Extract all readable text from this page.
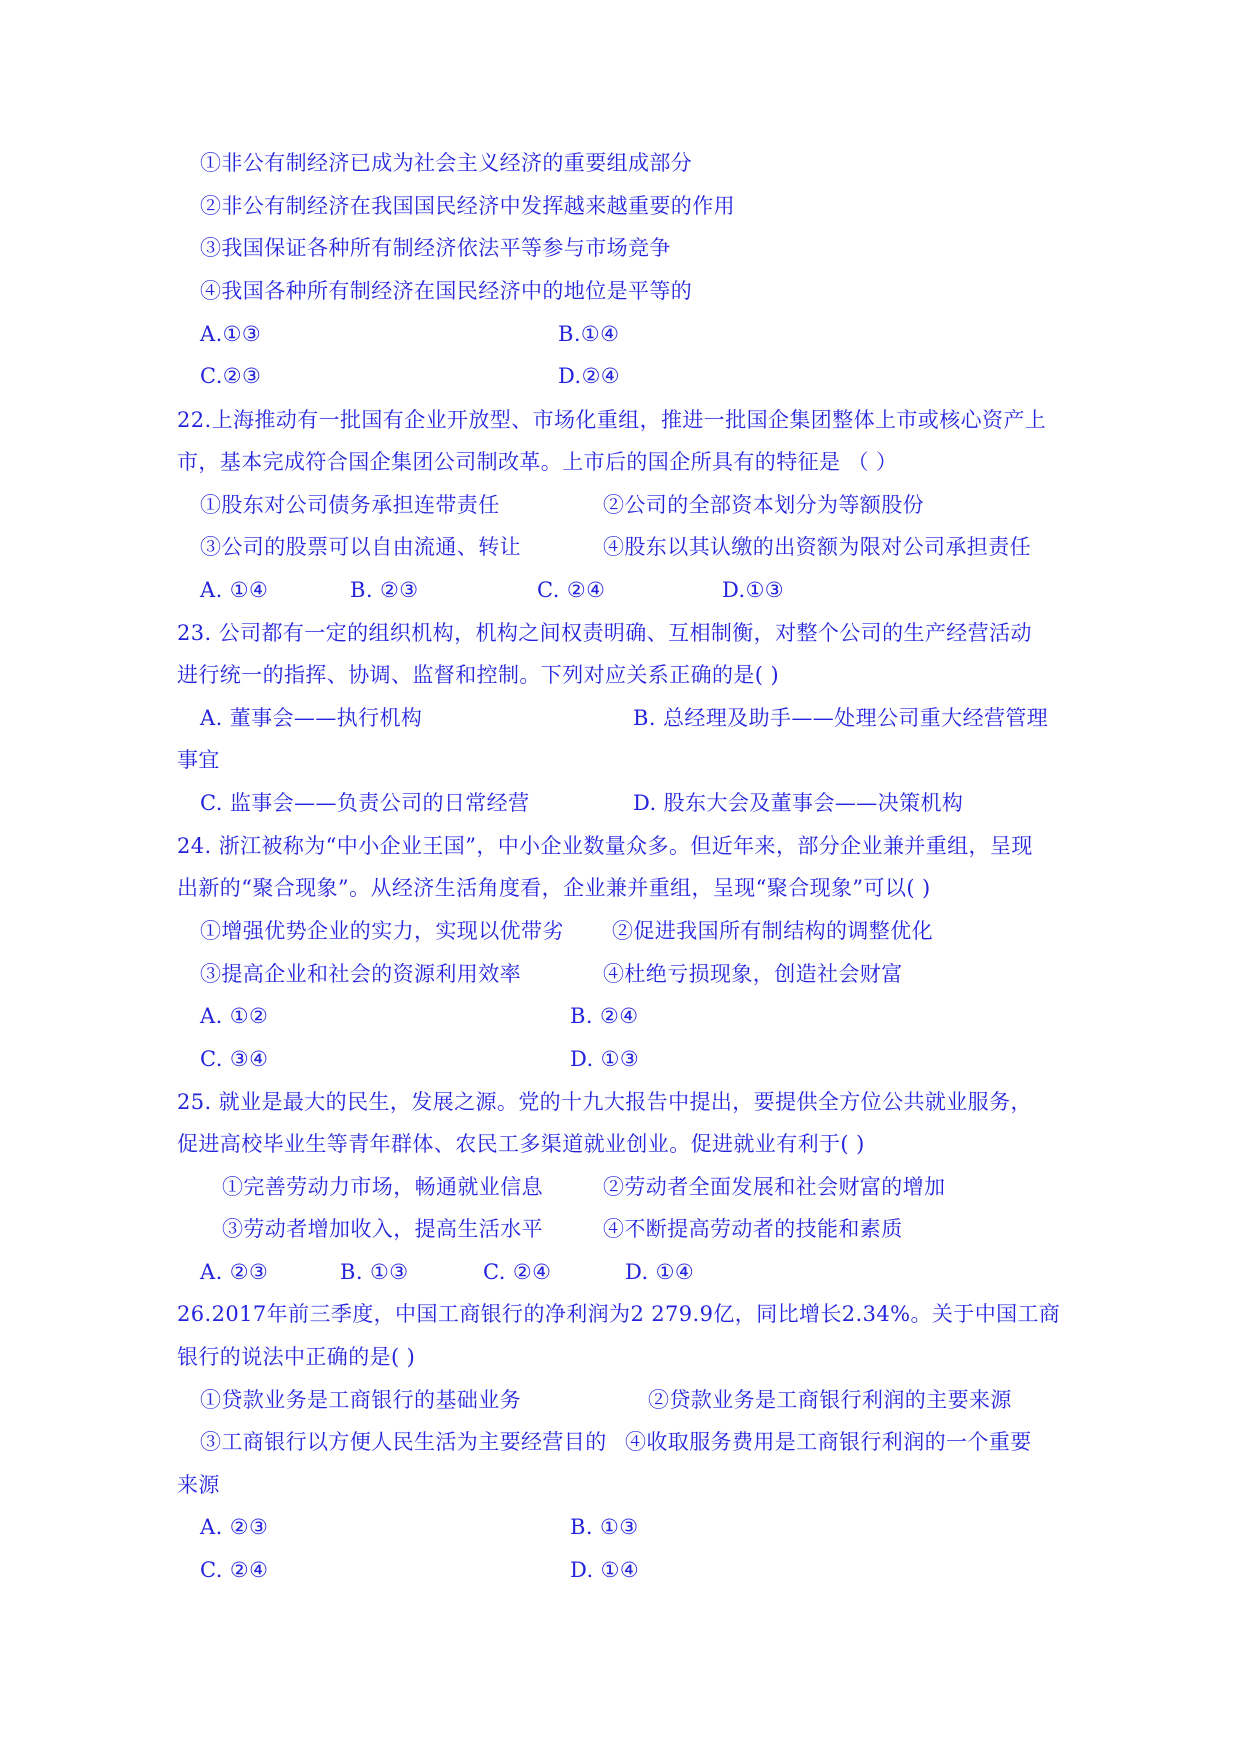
①非公有制经济已成为社会主义经济的重要组成部分
②非公有制经济在我国国民经济中发挥越来越重要的作用
③我国保证各种所有制经济依法平等参与市场竞争
④我国各种所有制经济在国民经济中的地位是平等的
A.①③	B.①④
C.②③	D.②④
22.上海推动有一批国有企业开放型、市场化重组，推进一批国企集团整体上市或核心资产上
市，基本完成符合国企集团公司制改革。上市后的国企所具有的特征是 （ ）
①股东对公司债务承担连带责任	②公司的全部资本划分为等额股份
③公司的股票可以自由流通、转让	④股东以其认缴的出资额为限对公司承担责任
A. ①④	B. ②③	C. ②④	D.①③
23. 公司都有一定的组织机构，机构之间权责明确、互相制衡，对整个公司的生产经营活动
进行统一的指挥、协调、监督和控制。下列对应关系正确的是( )
A. 董事会——执行机构	B. 总经理及助手——处理公司重大经营管理
事宜
C. 监事会——负责公司的日常经营	D. 股东大会及董事会——决策机构
24. 浙江被称为“中小企业王国”，中小企业数量众多。但近年来，部分企业兼并重组，呈现
出新的“聚合现象”。从经济生活角度看，企业兼并重组，呈现“聚合现象”可以( )
①增强优势企业的实力，实现以优带劣 ②促进我国所有制结构的调整优化
③提高企业和社会的资源利用效率	④杜绝亏损现象，创造社会财富
A. ①②	B. ②④
C. ③④	D. ①③
25. 就业是最大的民生，发展之源。党的十九大报告中提出，要提供全方位公共就业服务，
促进高校毕业生等青年群体、农民工多渠道就业创业。促进就业有利于( )
①完善劳动力市场，畅通就业信息	②劳动者全面发展和社会财富的增加
③劳动者增加收入，提高生活水平	④不断提高劳动者的技能和素质
A. ②③	B. ①③	C. ②④	D. ①④
26.2017年前三季度，中国工商银行的净利润为2 279.9亿，同比增长2.34%。关于中国工商
银行的说法中正确的是( )
①贷款业务是工商银行的基础业务	②贷款业务是工商银行利润的主要来源
③工商银行以方便人民生活为主要经营目的 ④收取服务费用是工商银行利润的一个重要
来源
A. ②③	B. ①③
C. ②④	D. ①④
